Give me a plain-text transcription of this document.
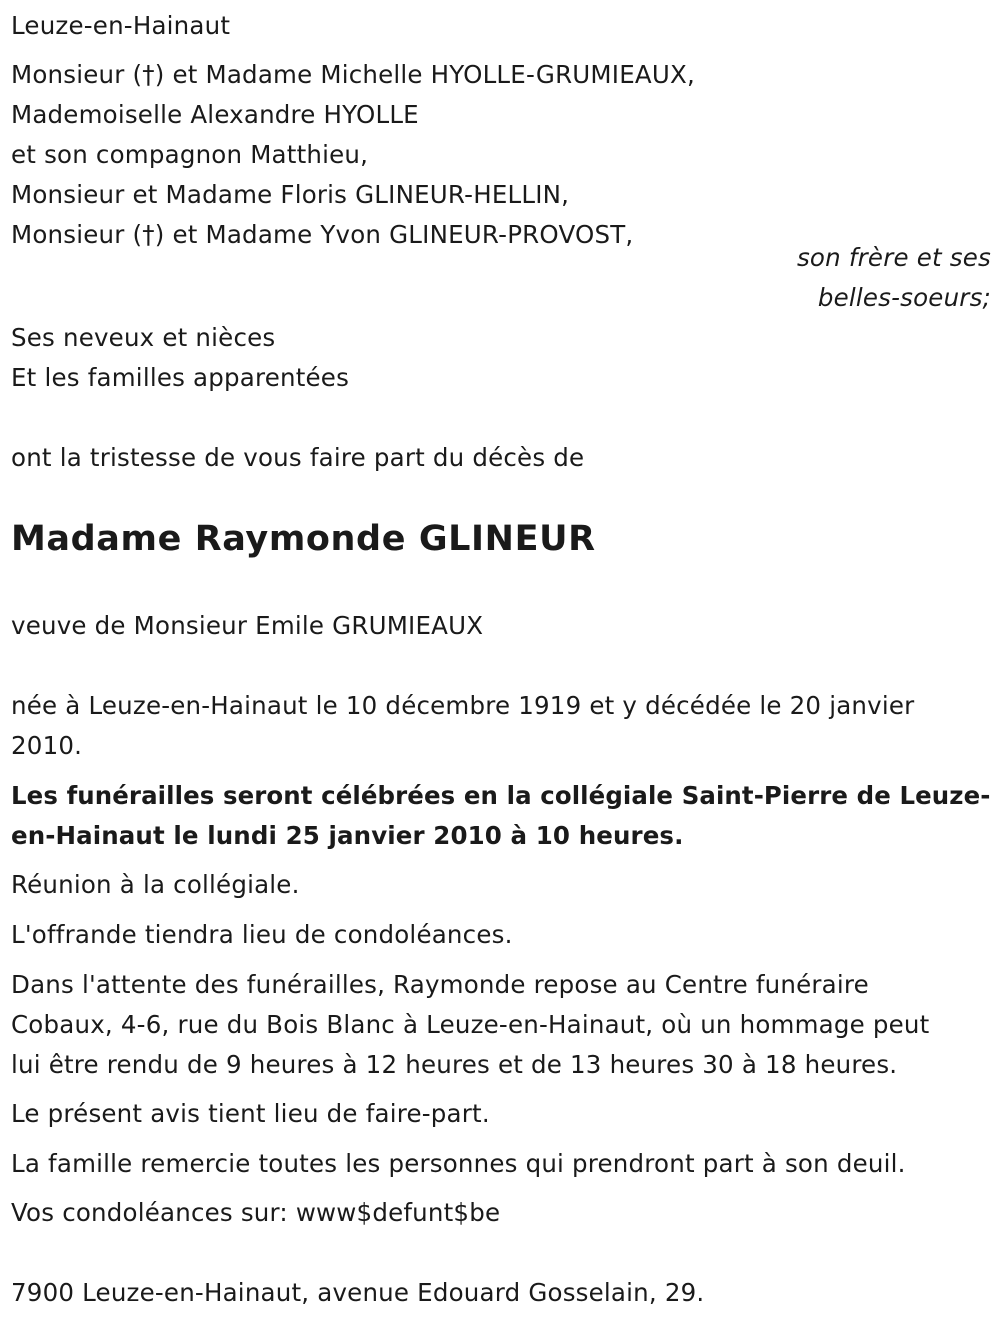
Leuze-en-Hainaut
Monsieur (†) et Madame Michelle HYOLLE-GRUMIEAUX,
Mademoiselle Alexandre HYOLLE
et son compagnon Matthieu,
Monsieur et Madame Floris GLINEUR-HELLIN,
Monsieur (†) et Madame Yvon GLINEUR-PROVOST,
son frère et ses
belles-soeurs;
Ses neveux et nièces
Et les familles apparentées
ont la tristesse de vous faire part du décès de
Madame Raymonde GLINEUR
veuve de Monsieur Emile GRUMIEAUX
née à Leuze-en-Hainaut le 10 décembre 1919 et y décédée le 20 janvier
2010.
Les funérailles seront célébrées en la collégiale Saint-Pierre de Leuze-
en-Hainaut le lundi 25 janvier 2010 à 10 heures.
Réunion à la collégiale.
L'offrande tiendra lieu de condoléances.
Dans l'attente des funérailles, Raymonde repose au Centre funéraire
Cobaux, 4-6, rue du Bois Blanc à Leuze-en-Hainaut, où un hommage peut
lui être rendu de 9 heures à 12 heures et de 13 heures 30 à 18 heures.
Le présent avis tient lieu de faire-part.
La famille remercie toutes les personnes qui prendront part à son deuil.
Vos condoléances sur: www$defunt$be
7900 Leuze-en-Hainaut, avenue Edouard Gosselain, 29.
